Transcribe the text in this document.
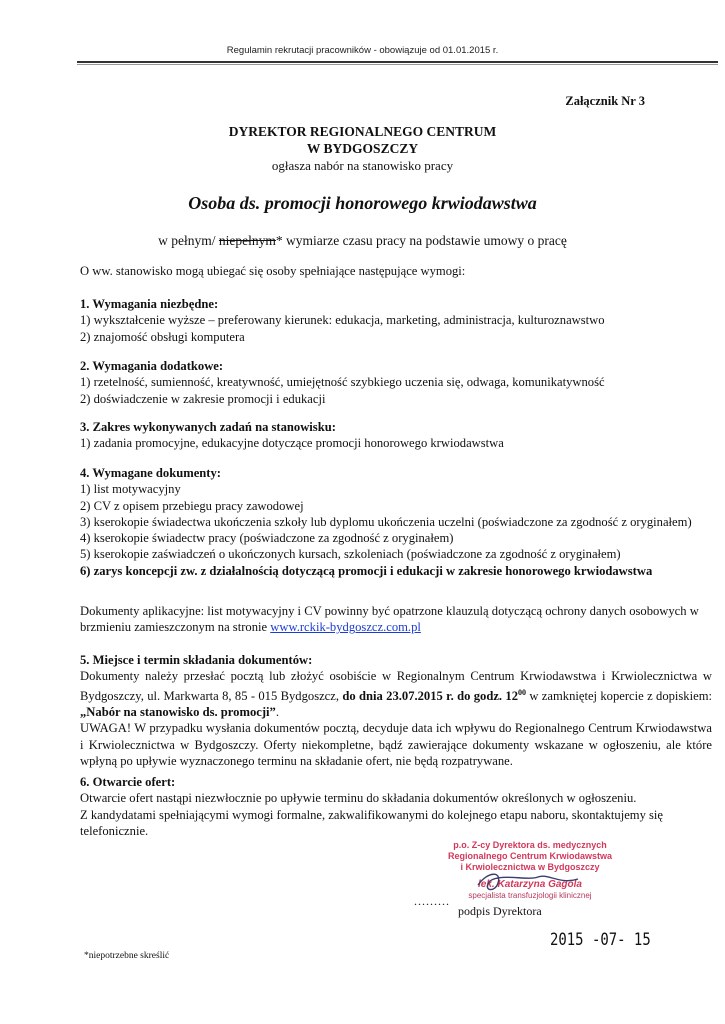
Regulamin rekrutacji pracowników - obowiązuje od 01.01.2015 r.
Załącznik Nr 3
DYREKTOR REGIONALNEGO CENTRUM
W BYDGOSZCZY
ogłasza nabór na stanowisko pracy
Osoba ds. promocji honorowego krwiodawstwa
w pełnym/ niepełnym* wymiarze czasu pracy na podstawie umowy o pracę
O ww. stanowisko mogą ubiegać się osoby spełniające następujące wymogi:
1. Wymagania niezbędne:
1) wykształcenie wyższe – preferowany kierunek: edukacja, marketing, administracja, kulturoznawstwo
2) znajomość obsługi komputera
2. Wymagania dodatkowe:
1) rzetelność, sumienność, kreatywność, umiejętność szybkiego uczenia się, odwaga, komunikatywność
2) doświadczenie w zakresie promocji i edukacji
3. Zakres wykonywanych zadań na stanowisku:
1) zadania promocyjne, edukacyjne dotyczące promocji honorowego krwiodawstwa
4. Wymagane dokumenty:
1) list motywacyjny
2) CV z opisem przebiegu pracy zawodowej
3) kserokopie świadectwa ukończenia szkoły lub dyplomu ukończenia uczelni (poświadczone za zgodność z oryginałem)
4) kserokopie świadectw pracy (poświadczone za zgodność z oryginałem)
5) kserokopie zaświadczeń o ukończonych kursach, szkoleniach (poświadczone za zgodność z oryginałem)
6) zarys koncepcji zw. z działalnością dotyczącą promocji i edukacji w zakresie honorowego krwiodawstwa
Dokumenty aplikacyjne: list motywacyjny i CV powinny być opatrzone klauzulą dotyczącą ochrony danych osobowych w brzmieniu zamieszczonym na stronie www.rckik-bydgoszcz.com.pl
5. Miejsce i termin składania dokumentów:
Dokumenty należy przesłać pocztą lub złożyć osobiście w Regionalnym Centrum Krwiodawstwa i Krwiolecznictwa w Bydgoszczy, ul. Markwarta 8, 85 - 015 Bydgoszcz, do dnia 23.07.2015 r. do godz. $12^{00}$ w zamkniętej kopercie z dopiskiem: „Nabór na stanowisko ds. promocji”.
UWAGA! W przypadku wysłania dokumentów pocztą, decyduje data ich wpływu do Regionalnego Centrum Krwiodawstwa i Krwiolecznictwa w Bydgoszczy. Oferty niekompletne, bądź zawierające dokumenty wskazane w ogłoszeniu, ale które wpłyną po upływie wyznaczonego terminu na składanie ofert, nie będą rozpatrywane.
6. Otwarcie ofert:
Otwarcie ofert nastąpi niezwłocznie po upływie terminu do składania dokumentów określonych w ogłoszeniu.
Z kandydatami spełniającymi wymogi formalne, zakwalifikowanymi do kolejnego etapu naboru, skontaktujemy się telefonicznie.
p.o. Z-cy Dyrektora ds. medycznych
Regionalnego Centrum Krwiodawstwa
i Krwiolecznictwa w Bydgoszczy
lek. Katarzyna Gagola
specjalista transfuzjologii klinicznej
.........
podpis Dyrektora
2015 -07- 15
*niepotrzebne skreślić
